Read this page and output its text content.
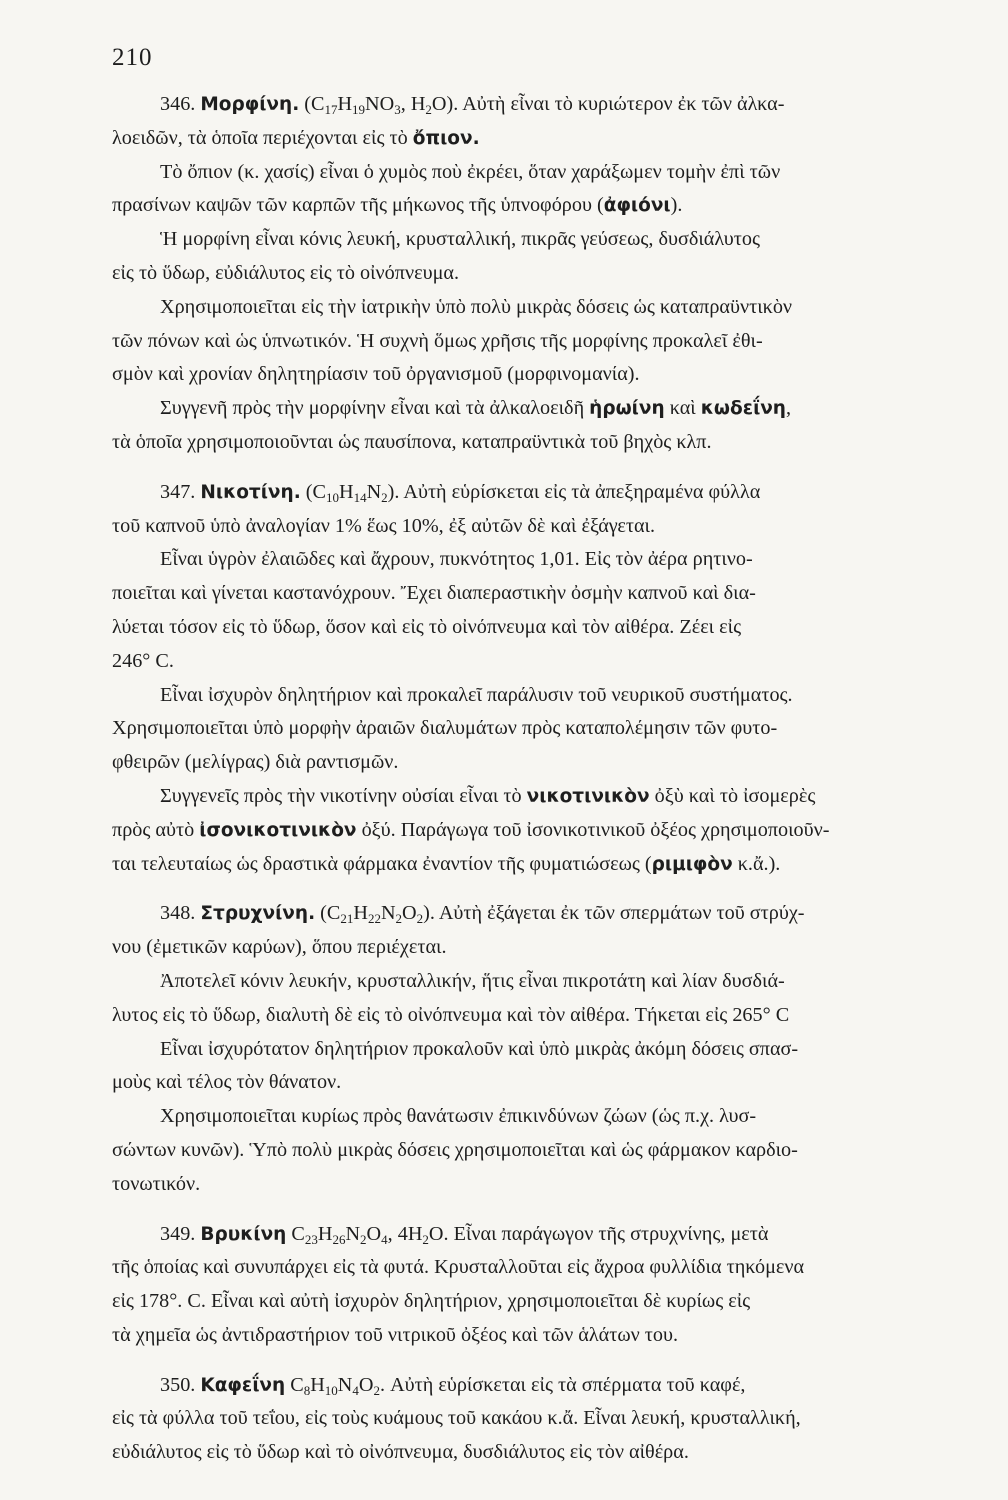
210

346. Μορφίνη. ($C_{17}H_{19}NO_3$, $H_2O$). Αὐτὴ εἶναι τὸ κυριώτερον ἐκ τῶν ἀλκα-
λοειδῶν, τὰ ὁποῖα περιέχονται εἰς τὸ ὄπιον.

Τὸ ὄπιον (κ. χασίς) εἶναι ὁ χυμὸς ποὺ ἐκρέει, ὅταν χαράξωμεν τομὴν ἐπὶ τῶν
πρασίνων καψῶν τῶν καρπῶν τῆς μήκωνος τῆς ὑπνοφόρου (ἀφιόνι).

Ἡ μορφίνη εἶναι κόνις λευκή, κρυσταλλική, πικρᾶς γεύσεως, δυσδιάλυτος
εἰς τὸ ὕδωρ, εὐδιάλυτος εἰς τὸ οἰνόπνευμα.

Χρησιμοποιεῖται εἰς τὴν ἰατρικὴν ὑπὸ πολὺ μικρὰς δόσεις ὡς καταπραϋντικὸν
τῶν πόνων καὶ ὡς ὑπνωτικόν. Ἡ συχνὴ ὅμως χρῆσις τῆς μορφίνης προκαλεῖ ἐθι-
σμὸν καὶ χρονίαν δηλητηρίασιν τοῦ ὀργανισμοῦ (μορφινομανία).

Συγγενῆ πρὸς τὴν μορφίνην εἶναι καὶ τὰ ἀλκαλοειδῆ ἡρωίνη καὶ κωδεΐνη,
τὰ ὁποῖα χρησιμοποιοῦνται ὡς παυσίπονα, καταπραϋντικὰ τοῦ βηχὸς κλπ.

347. Νικοτίνη. $(C_{10}H_{14}N_2)$. Αὐτὴ εὑρίσκεται εἰς τὰ ἀπεξηραμένα φύλλα
τοῦ καπνοῦ ὑπὸ ἀναλογίαν 1% ἕως 10%, ἐξ αὐτῶν δὲ καὶ ἐξάγεται.

Εἶναι ὑγρὸν ἐλαιῶδες καὶ ἄχρουν, πυκνότητος 1,01. Εἰς τὸν ἀέρα ρητινο-
ποιεῖται καὶ γίνεται καστανόχρουν. Ἔχει διαπεραστικὴν ὀσμὴν καπνοῦ καὶ δια-
λύεται τόσον εἰς τὸ ὕδωρ, ὅσον καὶ εἰς τὸ οἰνόπνευμα καὶ τὸν αἰθέρα. Ζέει εἰς
246° C.

Εἶναι ἰσχυρὸν δηλητήριον καὶ προκαλεῖ παράλυσιν τοῦ νευρικοῦ συστήματος.
Χρησιμοποιεῖται ὑπὸ μορφὴν ἀραιῶν διαλυμάτων πρὸς καταπολέμησιν τῶν φυτο-
φθειρῶν (μελίγρας) διὰ ραντισμῶν.

Συγγενεῖς πρὸς τὴν νικοτίνην οὐσίαι εἶναι τὸ νικοτινικὸν ὀξὺ καὶ τὸ ἰσομερὲς
πρὸς αὐτὸ ἰσονικοτινικὸν ὀξύ. Παράγωγα τοῦ ἰσονικοτινικοῦ ὀξέος χρησιμοποιοῦν-
ται τελευταίως ὡς δραστικὰ φάρμακα ἐναντίον τῆς φυματιώσεως (ριμιφὸν κ.ἄ.).

348. Στρυχνίνη. $(C_{21}H_{22}N_2O_2)$. Αὐτὴ ἐξάγεται ἐκ τῶν σπερμάτων τοῦ στρύχ-
νου (ἐμετικῶν καρύων), ὅπου περιέχεται.

Ἀποτελεῖ κόνιν λευκήν, κρυσταλλικήν, ἥτις εἶναι πικροτάτη καὶ λίαν δυσδιά-
λυτος εἰς τὸ ὕδωρ, διαλυτὴ δὲ εἰς τὸ οἰνόπνευμα καὶ τὸν αἰθέρα. Τήκεται εἰς 265° C

Εἶναι ἰσχυρότατον δηλητήριον προκαλοῦν καὶ ὑπὸ μικρὰς ἀκόμη δόσεις σπασ-
μοὺς καὶ τέλος τὸν θάνατον.

Χρησιμοποιεῖται κυρίως πρὸς θανάτωσιν ἐπικινδύνων ζώων (ὡς π.χ. λυσ-
σώντων κυνῶν). Ὑπὸ πολὺ μικρὰς δόσεις χρησιμοποιεῖται καὶ ὡς φάρμακον καρδιο-
τονωτικόν.

349. Βρυκίνη $C_{23}H_{26}N_2O_4$, $4H_2O$. Εἶναι παράγωγον τῆς στρυχνίνης, μετὰ
τῆς ὁποίας καὶ συνυπάρχει εἰς τὰ φυτά. Κρυσταλλοῦται εἰς ἄχροα φυλλίδια τηκόμενα
εἰς 178°. C. Εἶναι καὶ αὐτὴ ἰσχυρὸν δηλητήριον, χρησιμοποιεῖται δὲ κυρίως εἰς
τὰ χημεῖα ὡς ἀντιδραστήριον τοῦ νιτρικοῦ ὀξέος καὶ τῶν ἁλάτων του.

350. Καφεΐνη $C_8H_{10}N_4O_2$. Αὐτὴ εὑρίσκεται εἰς τὰ σπέρματα τοῦ καφέ,
εἰς τὰ φύλλα τοῦ τεΐου, εἰς τοὺς κυάμους τοῦ κακάου κ.ἄ. Εἶναι λευκή, κρυσταλλική,
εὐδιάλυτος εἰς τὸ ὕδωρ καὶ τὸ οἰνόπνευμα, δυσδιάλυτος εἰς τὸν αἰθέρα.
